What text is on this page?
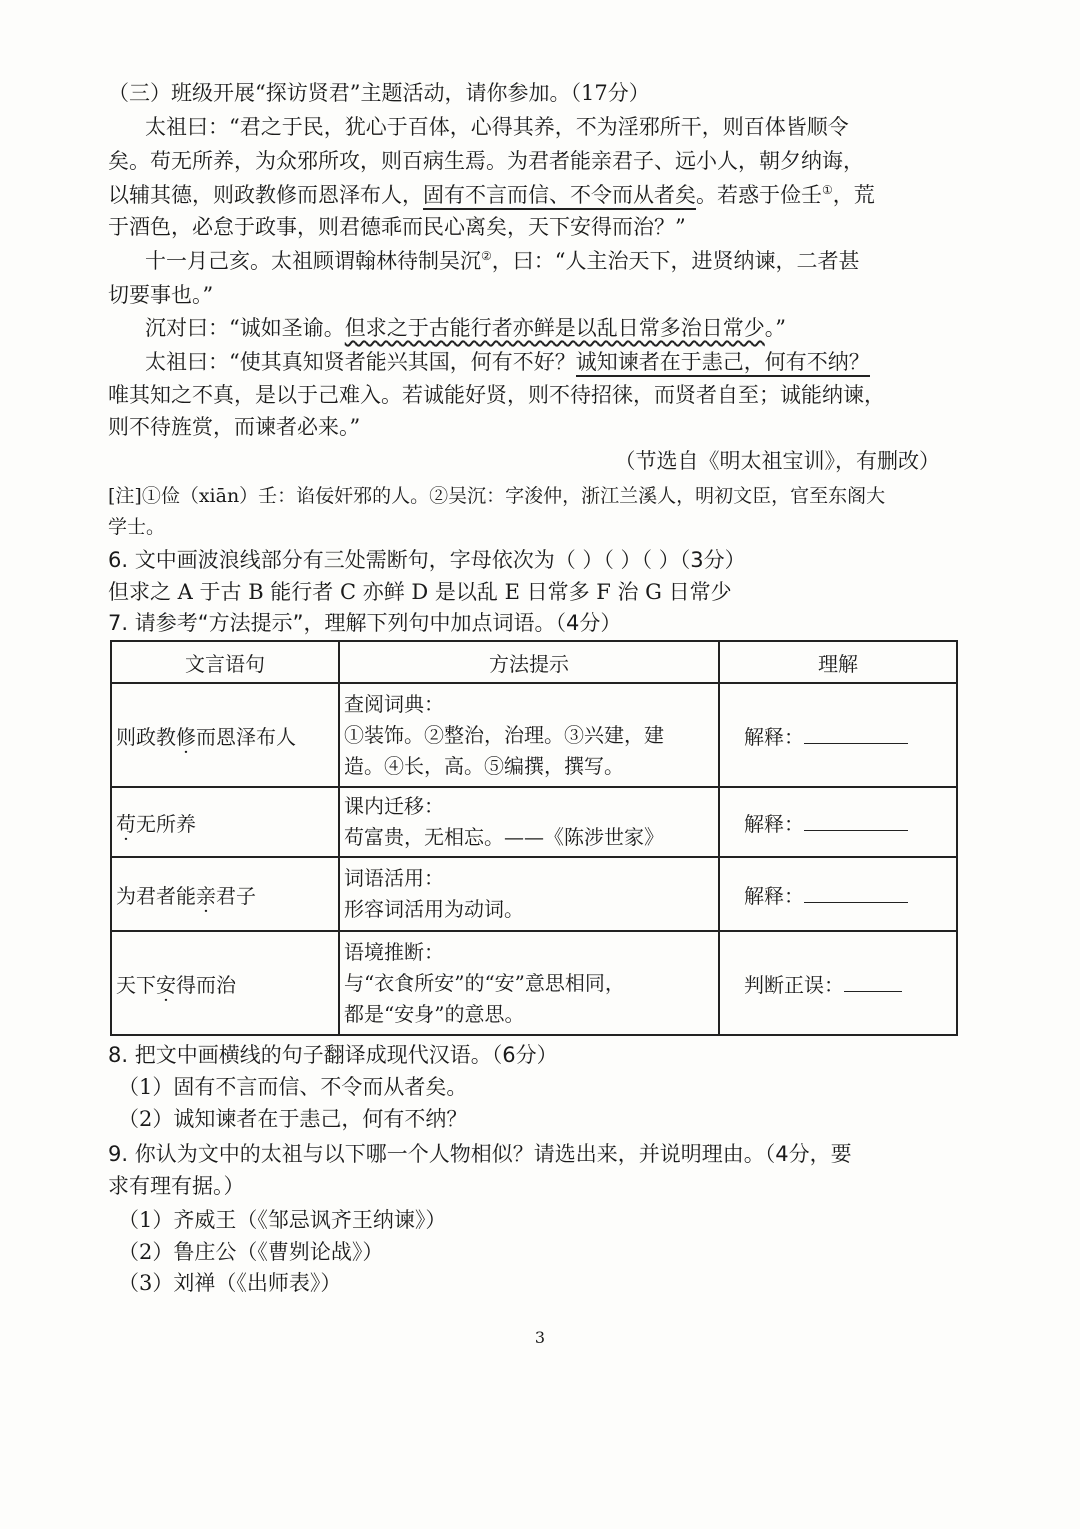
（三）班级开展“探访贤君”主题活动，请你参加。（17分）
太祖曰：“君之于民，犹心于百体，心得其养，不为淫邪所干，则百体皆顺令
矣。苟无所养，为众邪所攻，则百病生焉。为君者能亲君子、远小人，朝夕纳诲，
以辅其德，则政教修而恩泽布人，固有不言而信、不令而从者矣。若惑于俭壬①，荒
于酒色，必怠于政事，则君德乖而民心离矣，天下安得而治？”
十一月己亥。太祖顾谓翰林待制吴沉②，曰：“人主治天下，进贤纳谏，二者甚
切要事也。”
沉对曰：“诚如圣谕。但求之于古能行者亦鲜是以乱日常多治日常少。”
太祖曰：“使其真知贤者能兴其国，何有不好？诚知谏者在于恚己，何有不纳？
唯其知之不真，是以于己难入。若诚能好贤，则不待招徕，而贤者自至；诚能纳谏，
则不待旌赏，而谏者必来。”
（节选自《明太祖宝训》，有删改）
[注]①俭（xiān）壬：谄佞奸邪的人。②吴沉：字浚仲，浙江兰溪人，明初文臣，官至东阁大
学士。
6. 文中画波浪线部分有三处需断句，字母依次为（ ）（ ）（ ）（3分）
但求之 A 于古 B 能行者 C 亦鲜 D 是以乱 E 日常多 F 治 G 日常少
7. 请参考“方法提示”，理解下列句中加点词语。（4分）
文言语句	方法提示	理解
则政教修而恩泽布人	查阅词典：
①装饰。②整治，治理。③兴建，建
造。④长，高。⑤编撰，撰写。	解释：
苟无所养	课内迁移：
苟富贵，无相忘。——《陈涉世家》	解释：
为君者能亲君子	词语活用：
形容词活用为动词。	解释：
天下安得而治	语境推断：
与“衣食所安”的“安”意思相同，
都是“安身”的意思。	判断正误：
8. 把文中画横线的句子翻译成现代汉语。（6分）
（1）固有不言而信、不令而从者矣。
（2）诚知谏者在于恚己，何有不纳？
9. 你认为文中的太祖与以下哪一个人物相似？请选出来，并说明理由。（4分，要
求有理有据。）
（1）齐威王（《邹忌讽齐王纳谏》）
（2）鲁庄公（《曹刿论战》）
（3）刘禅（《出师表》）
3
